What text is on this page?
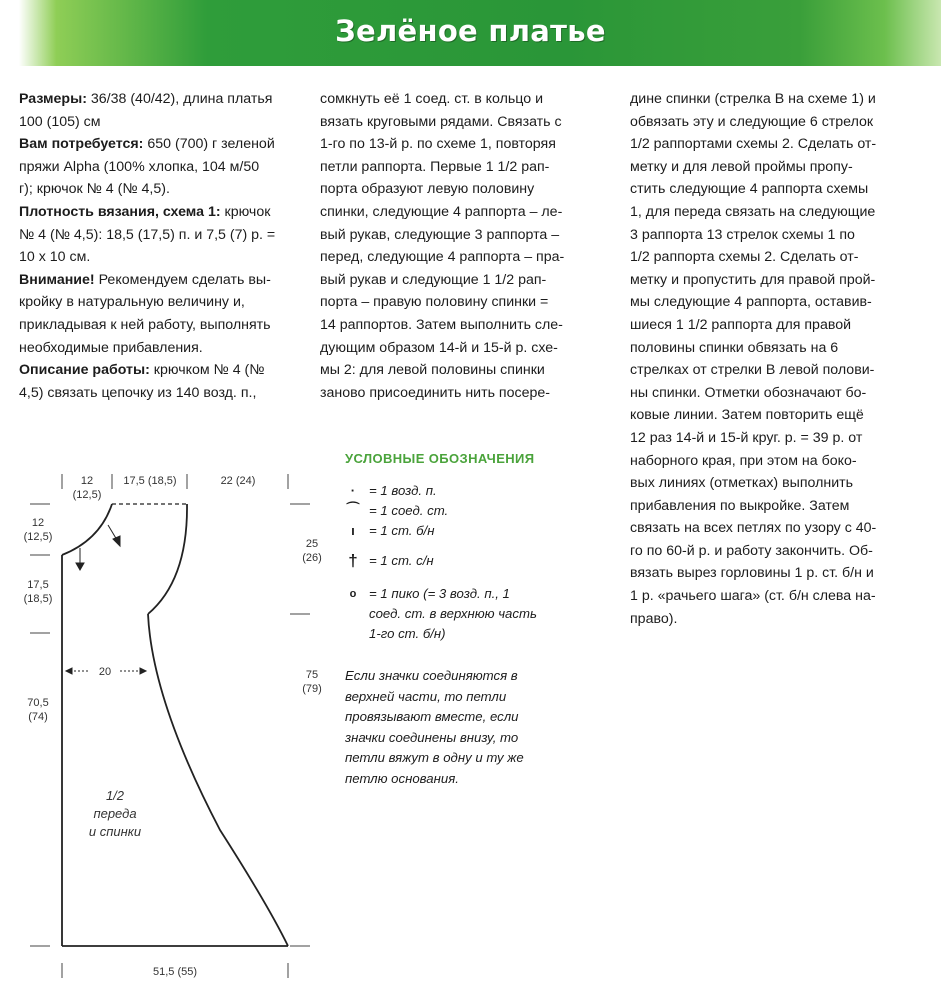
Зелёное платье
Размеры: 36/38 (40/42), длина платья
100 (105) см
Вам потребуется: 650 (700) г зеленой
пряжи Alpha (100% хлопка, 104 м/50
г); крючок № 4 (№ 4,5).
Плотность вязания, схема 1: крючок
№ 4 (№ 4,5): 18,5 (17,5) п. и 7,5 (7) р. =
10 х 10 см.
Внимание! Рекомендуем сделать вы-
кройку в натуральную величину и,
прикладывая к ней работу, выполнять
необходимые прибавления.
Описание работы: крючком № 4 (№
4,5) связать цепочку из 140 возд. п.,
сомкнуть её 1 соед. ст. в кольцо и
вязать круговыми рядами. Связать с
1-го по 13-й р. по схеме 1, повторяя
петли раппорта. Первые 1 1/2 рап-
порта образуют левую половину
спинки, следующие 4 раппорта – ле-
вый рукав, следующие 3 раппорта –
перед, следующие 4 раппорта – пра-
вый рукав и следующие 1 1/2 рап-
порта – правую половину спинки =
14 раппортов. Затем выполнить сле-
дующим образом 14-й и 15-й р. схе-
мы 2: для левой половины спинки
заново присоединить нить посере-
дине спинки (стрелка В на схеме 1) и
обвязать эту и следующие 6 стрелок
1/2 раппортами схемы 2. Сделать от-
метку и для левой проймы пропу-
стить следующие 4 раппорта схемы
1, для переда связать на следующие
3 раппорта 13 стрелок схемы 1 по
1/2 раппорта схемы 2. Сделать от-
метку и пропустить для правой прой-
мы следующие 4 раппорта, оставив-
шиеся 1 1/2 раппорта для правой
половины спинки обвязать на 6
стрелках от стрелки В левой полови-
ны спинки. Отметки обозначают бо-
ковые линии. Затем повторить ещё
12 раз 14-й и 15-й круг. р. = 39 р. от
наборного края, при этом на боко-
вых линиях (отметках) выполнить
прибавления по выкройке. Затем
связать на всех петлях по узору с 40-
го по 60-й р. и работу закончить. Об-
вязать вырез горловины 1 р. ст. б/н и
1 р. «рачьего шага» (ст. б/н слева на-
право).
УСЛОВНЫЕ ОБОЗНАЧЕНИЯ
·	= 1 возд. п.
⌒ = 1 соед. ст.
ı	= 1 ст. б/н
† = 1 ст. с/н
o = 1 пико (= 3 возд. п., 1
соед. ст. в верхнюю часть
1-го ст. б/н)
Если значки соединяются в
верхней части, то петли
провязывают вместе, если
значки соединены внизу, то
петли вяжут в одну и ту же
петлю основания.
12
(12,5)
17,5 (18,5)	22 (24)
12
(12,5)
17,5
(18,5)
70,5
(74)
20
25
(26)
75
(79)
51,5 (55)
1/2
переда
и спинки
